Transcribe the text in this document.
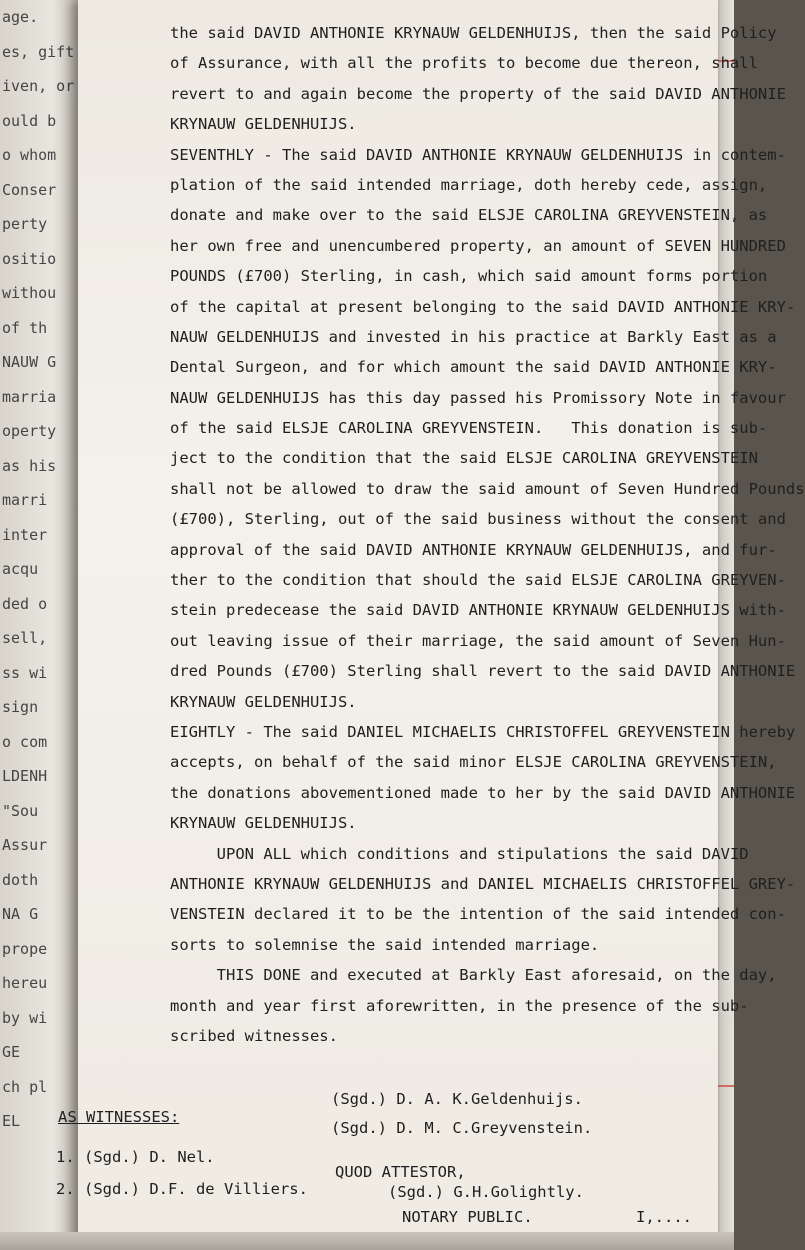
age.
es, gift
iven, or
ould b
o whom
Conser
perty
ositio
withou
of th
NAUW G
marria
operty
as his
marri
inter
acqu
ded o
sell,
ss wi
sign
o com
LDENH
"Sou
Assur
doth
NA G
prope
hereu
by wi
GE
ch pl
EL
the said DAVID ANTHONIE KRYNAUW GELDENHUIJS, then the said Policy
of Assurance, with all the profits to become due thereon, shall
revert to and again become the property of the said DAVID ANTHONIE
KRYNAUW GELDENHUIJS.
SEVENTHLY - The said DAVID ANTHONIE KRYNAUW GELDENHUIJS in contem-
plation of the said intended marriage, doth hereby cede, assign,
donate and make over to the said ELSJE CAROLINA GREYVENSTEIN, as
her own free and unencumbered property, an amount of SEVEN HUNDRED
POUNDS (£700) Sterling, in cash, which said amount forms portion
of the capital at present belonging to the said DAVID ANTHONIE KRY-
NAUW GELDENHUIJS and invested in his practice at Barkly East as a
Dental Surgeon, and for which amount the said DAVID ANTHONIE KRY-
NAUW GELDENHUIJS has this day passed his Promissory Note in favour
of the said ELSJE CAROLINA GREYVENSTEIN.   This donation is sub-
ject to the condition that the said ELSJE CAROLINA GREYVENSTEIN
shall not be allowed to draw the said amount of Seven Hundred Pounds
(£700), Sterling, out of the said business without the consent and
approval of the said DAVID ANTHONIE KRYNAUW GELDENHUIJS, and fur-
ther to the condition that should the said ELSJE CAROLINA GREYVEN-
stein predecease the said DAVID ANTHONIE KRYNAUW GELDENHUIJS with-
out leaving issue of their marriage, the said amount of Seven Hun-
dred Pounds (£700) Sterling shall revert to the said DAVID ANTHONIE
KRYNAUW GELDENHUIJS.
EIGHTLY - The said DANIEL MICHAELIS CHRISTOFFEL GREYVENSTEIN hereby
accepts, on behalf of the said minor ELSJE CAROLINA GREYVENSTEIN,
the donations abovementioned made to her by the said DAVID ANTHONIE
KRYNAUW GELDENHUIJS.
UPON ALL which conditions and stipulations the said DAVID
ANTHONIE KRYNAUW GELDENHUIJS and DANIEL MICHAELIS CHRISTOFFEL GREY-
VENSTEIN declared it to be the intention of the said intended con-
sorts to solemnise the said intended marriage.
THIS DONE and executed at Barkly East aforesaid, on the day,
month and year first aforewritten, in the presence of the sub-
scribed witnesses.
(Sgd.) D. A. K.Geldenhuijs.
(Sgd.) D. M. C.Greyvenstein.
AS WITNESSES:
1. (Sgd.) D. Nel.
2. (Sgd.) D.F. de Villiers.
QUOD ATTESTOR,
(Sgd.) G.H.Golightly.
NOTARY PUBLIC.	I,....
